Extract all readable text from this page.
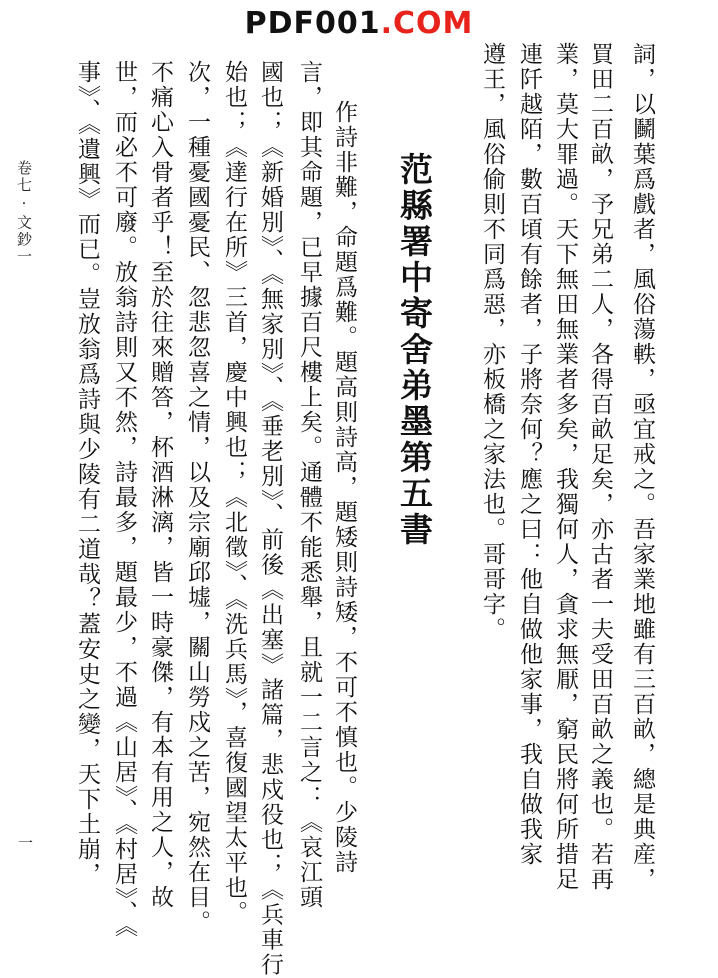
PDF001.COM
詞，以鬭葉爲戲者，風俗蕩軼，亟宜戒之。吾家業地雖有三百畝，總是典産，
買田二百畝，予兄弟二人，各得百畝足矣，亦古者一夫受田百畝之義也。若再
業，莫大罪過。天下無田無業者多矣，我獨何人，貪求無厭，窮民將何所措足
連阡越陌，數百頃有餘者，子將奈何？應之曰：他自做他家事，我自做我家
遵王，風俗偷則不同爲惡，亦板橋之家法也。哥哥字。
范縣署中寄舍弟墨第五書
作詩非難，命題爲難。題高則詩高，題矮則詩矮，不可不慎也。少陵詩
言，即其命題，已早據百尺樓上矣。通體不能悉舉，且就一二言之：《哀江頭
國也；《新婚別》、《無家別》、《垂老別》、前後《出塞》諸篇，悲戍役也；《兵車行
始也；《達行在所》三首，慶中興也；《北徵》、《洗兵馬》，喜復國望太平也。
次，一種憂國憂民、忽悲忽喜之情，以及宗廟邱墟，關山勞戍之苦，宛然在目。
不痛心入骨者乎！至於往來贈答，杯酒淋漓，皆一時豪傑，有本有用之人，故
世，而必不可廢。放翁詩則又不然，詩最多，題最少，不過《山居》、《村居》、《
事》、《遺興》而已。豈放翁爲詩與少陵有二道哉？蓋安史之變，天下土崩，
卷七 · 文鈔一
一
